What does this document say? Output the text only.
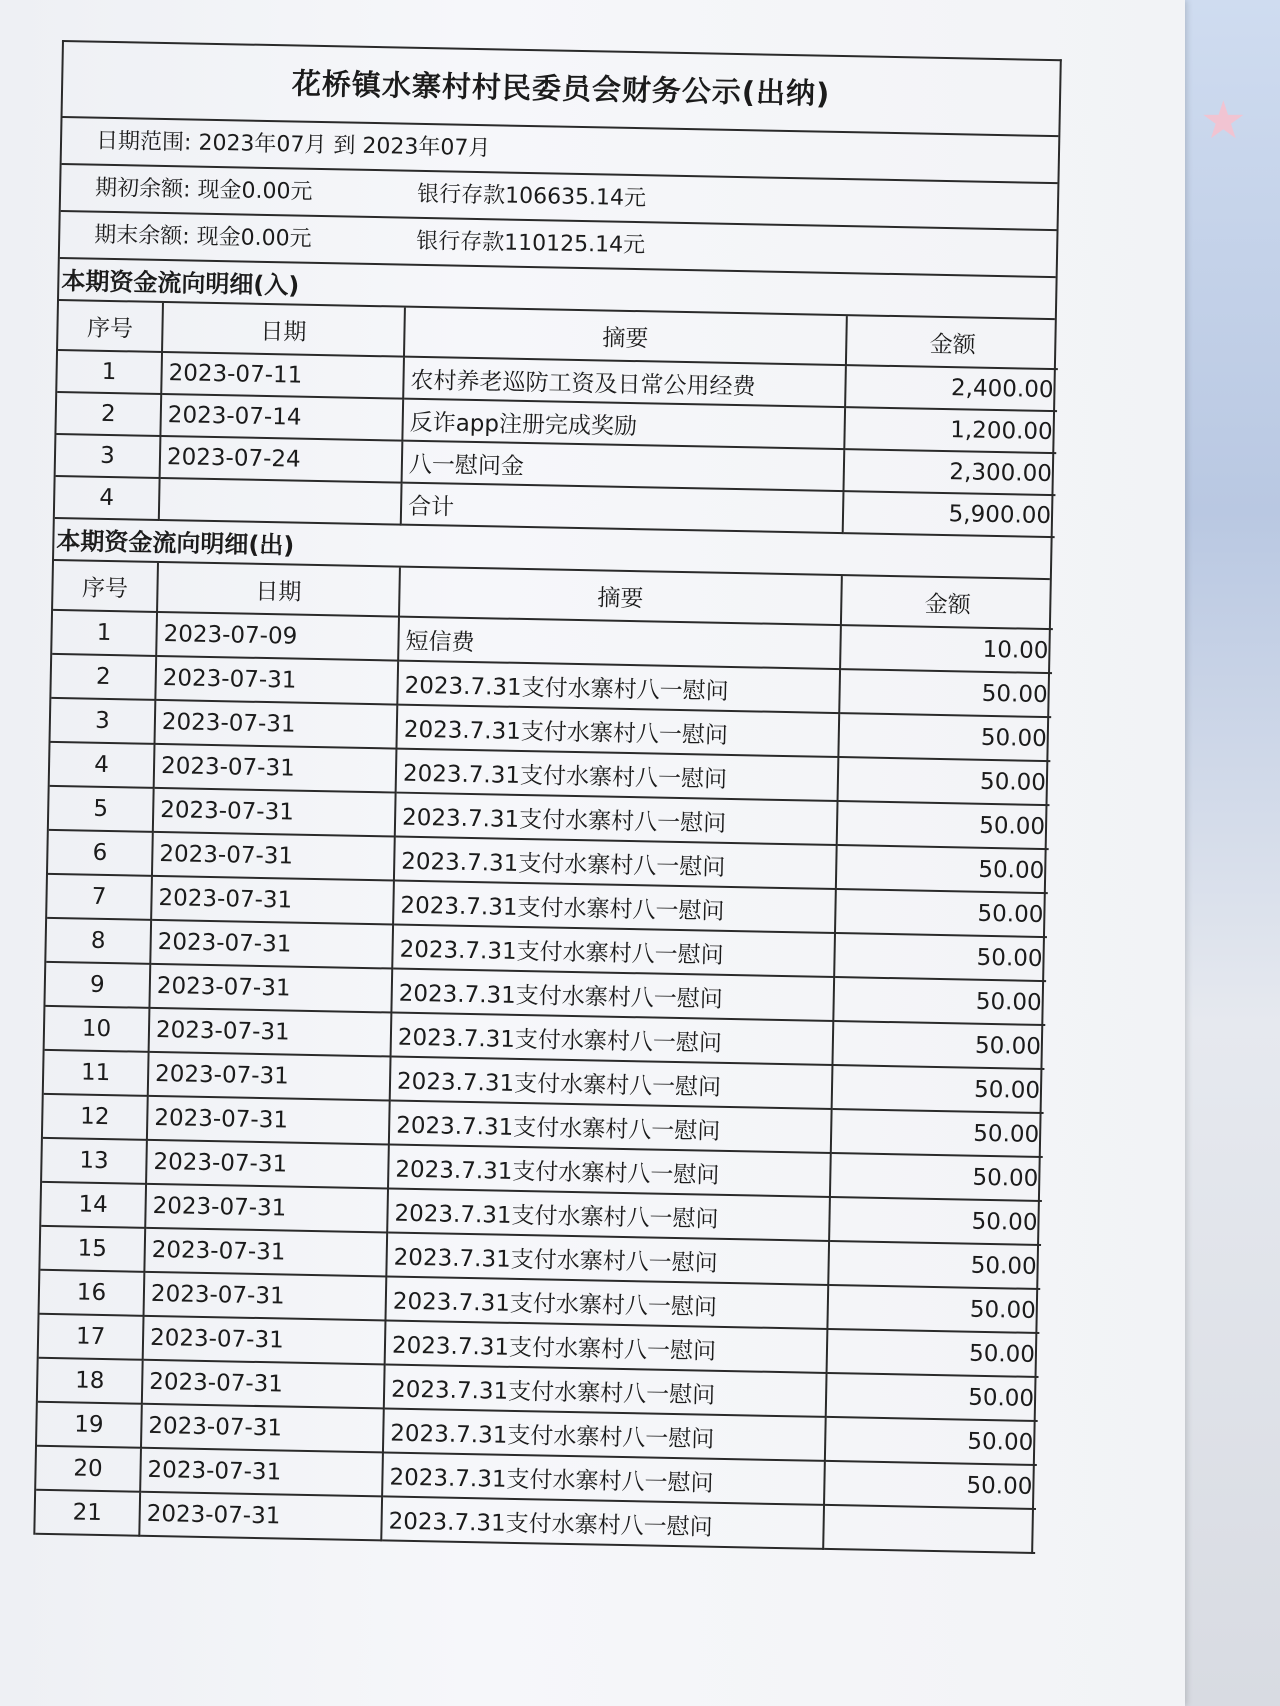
★
花桥镇水寨村村民委员会财务公示(出纳)
日期范围: 2023年07月 到 2023年07月
期初余额: 现金0.00元	银行存款106635.14元
期末余额: 现金0.00元	银行存款110125.14元
本期资金流向明细(入)
序号	日期	摘要	金额
1	2023-07-11	农村养老巡防工资及日常公用经费	2,400.00
2	2023-07-14	反诈app注册完成奖励	1,200.00
3	2023-07-24	八一慰问金	2,300.00
4		合计	5,900.00
本期资金流向明细(出)
序号	日期	摘要	金额
1	2023-07-09	短信费	10.00
2	2023-07-31	2023.7.31支付水寨村八一慰问	50.00
3	2023-07-31	2023.7.31支付水寨村八一慰问	50.00
4	2023-07-31	2023.7.31支付水寨村八一慰问	50.00
5	2023-07-31	2023.7.31支付水寨村八一慰问	50.00
6	2023-07-31	2023.7.31支付水寨村八一慰问	50.00
7	2023-07-31	2023.7.31支付水寨村八一慰问	50.00
8	2023-07-31	2023.7.31支付水寨村八一慰问	50.00
9	2023-07-31	2023.7.31支付水寨村八一慰问	50.00
10	2023-07-31	2023.7.31支付水寨村八一慰问	50.00
11	2023-07-31	2023.7.31支付水寨村八一慰问	50.00
12	2023-07-31	2023.7.31支付水寨村八一慰问	50.00
13	2023-07-31	2023.7.31支付水寨村八一慰问	50.00
14	2023-07-31	2023.7.31支付水寨村八一慰问	50.00
15	2023-07-31	2023.7.31支付水寨村八一慰问	50.00
16	2023-07-31	2023.7.31支付水寨村八一慰问	50.00
17	2023-07-31	2023.7.31支付水寨村八一慰问	50.00
18	2023-07-31	2023.7.31支付水寨村八一慰问	50.00
19	2023-07-31	2023.7.31支付水寨村八一慰问	50.00
20	2023-07-31	2023.7.31支付水寨村八一慰问	50.00
21	2023-07-31	2023.7.31支付水寨村八一慰问	
